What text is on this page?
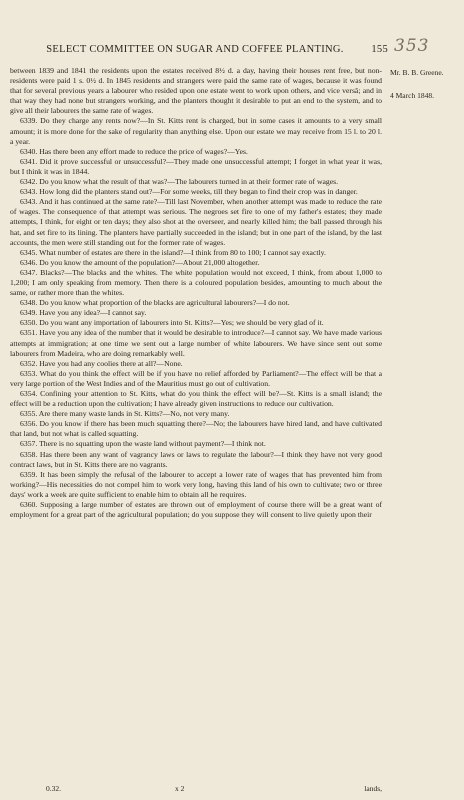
SELECT COMMITTEE ON SUGAR AND COFFEE PLANTING.	155 353
Mr. B. B. Greene.
4 March 1848.

between 1839 and 1841 the residents upon the estates received 8½ d. a day, having their houses rent free, but non-residents were paid 1 s. 0½ d. In 1845 residents and strangers were paid the same rate of wages, because it was found that for several previous years a labourer who resided upon one estate went to work upon others, and vice versâ; and in that way they had none but strangers working, and the planters thought it desirable to put an end to the system, and to give all their labourers the same rate of wages.

6339. Do they charge any rents now?—In St. Kitts rent is charged, but in some cases it amounts to a very small amount; it is more done for the sake of regularity than anything else. Upon our estate we may receive from 15 l. to 20 l. a year.

6340. Has there been any effort made to reduce the price of wages?—Yes.

6341. Did it prove successful or unsuccessful?—They made one unsuccessful attempt; I forget in what year it was, but I think it was in 1844.

6342. Do you know what the result of that was?—The labourers turned in at their former rate of wages.

6343. How long did the planters stand out?—For some weeks, till they began to find their crop was in danger.

6343. And it has continued at the same rate?—Till last November, when another attempt was made to reduce the rate of wages. The consequence of that attempt was serious. The negroes set fire to one of my father's estates; they made attempts, I think, for eight or ten days; they also shot at the overseer, and nearly killed him; the ball passed through his hat, and set fire to its lining. The planters have partially succeeded in the island; but in one part of the island, by the last accounts, the men were still standing out for the former rate of wages.

6345. What number of estates are there in the island?—I think from 80 to 100; I cannot say exactly.

6346. Do you know the amount of the population?—About 21,000 altogether.

6347. Blacks?—The blacks and the whites. The white population would not exceed, I think, from about 1,000 to 1,200; I am only speaking from memory. Then there is a coloured population besides, amounting to much about the same, or rather more than the whites.

6348. Do you know what proportion of the blacks are agricultural labourers?—I do not.

6349. Have you any idea?—I cannot say.

6350. Do you want any importation of labourers into St. Kitts?—Yes; we should be very glad of it.

6351. Have you any idea of the number that it would be desirable to introduce?—I cannot say. We have made various attempts at immigration; at one time we sent out a large number of white labourers. We have since sent out some labourers from Madeira, who are doing remarkably well.

6352. Have you had any coolies there at all?—None.

6353. What do you think the effect will be if you have no relief afforded by Parliament?—The effect will be that a very large portion of the West Indies and of the Mauritius must go out of cultivation.

6354. Confining your attention to St. Kitts, what do you think the effect will be?—St. Kitts is a small island; the effect will be a reduction upon the cultivation; I have already given instructions to reduce our cultivation.

6355. Are there many waste lands in St. Kitts?—No, not very many.

6356. Do you know if there has been much squatting there?—No; the labourers have hired land, and have cultivated that land, but not what is called squatting.

6357. There is no squatting upon the waste land without payment?—I think not.

6358. Has there been any want of vagrancy laws or laws to regulate the labour?—I think they have not very good contract laws, but in St. Kitts there are no vagrants.

6359. It has been simply the refusal of the labourer to accept a lower rate of wages that has prevented him from working?—His necessities do not compel him to work very long, having this land of his own to cultivate; two or three days' work a week are quite sufficient to enable him to obtain all he requires.

6360. Supposing a large number of estates are thrown out of employment of course there will be a great want of employment for a great part of the agricultural population; do you suppose they will consent to live quietly upon their

0.32.	x 2	lands,
